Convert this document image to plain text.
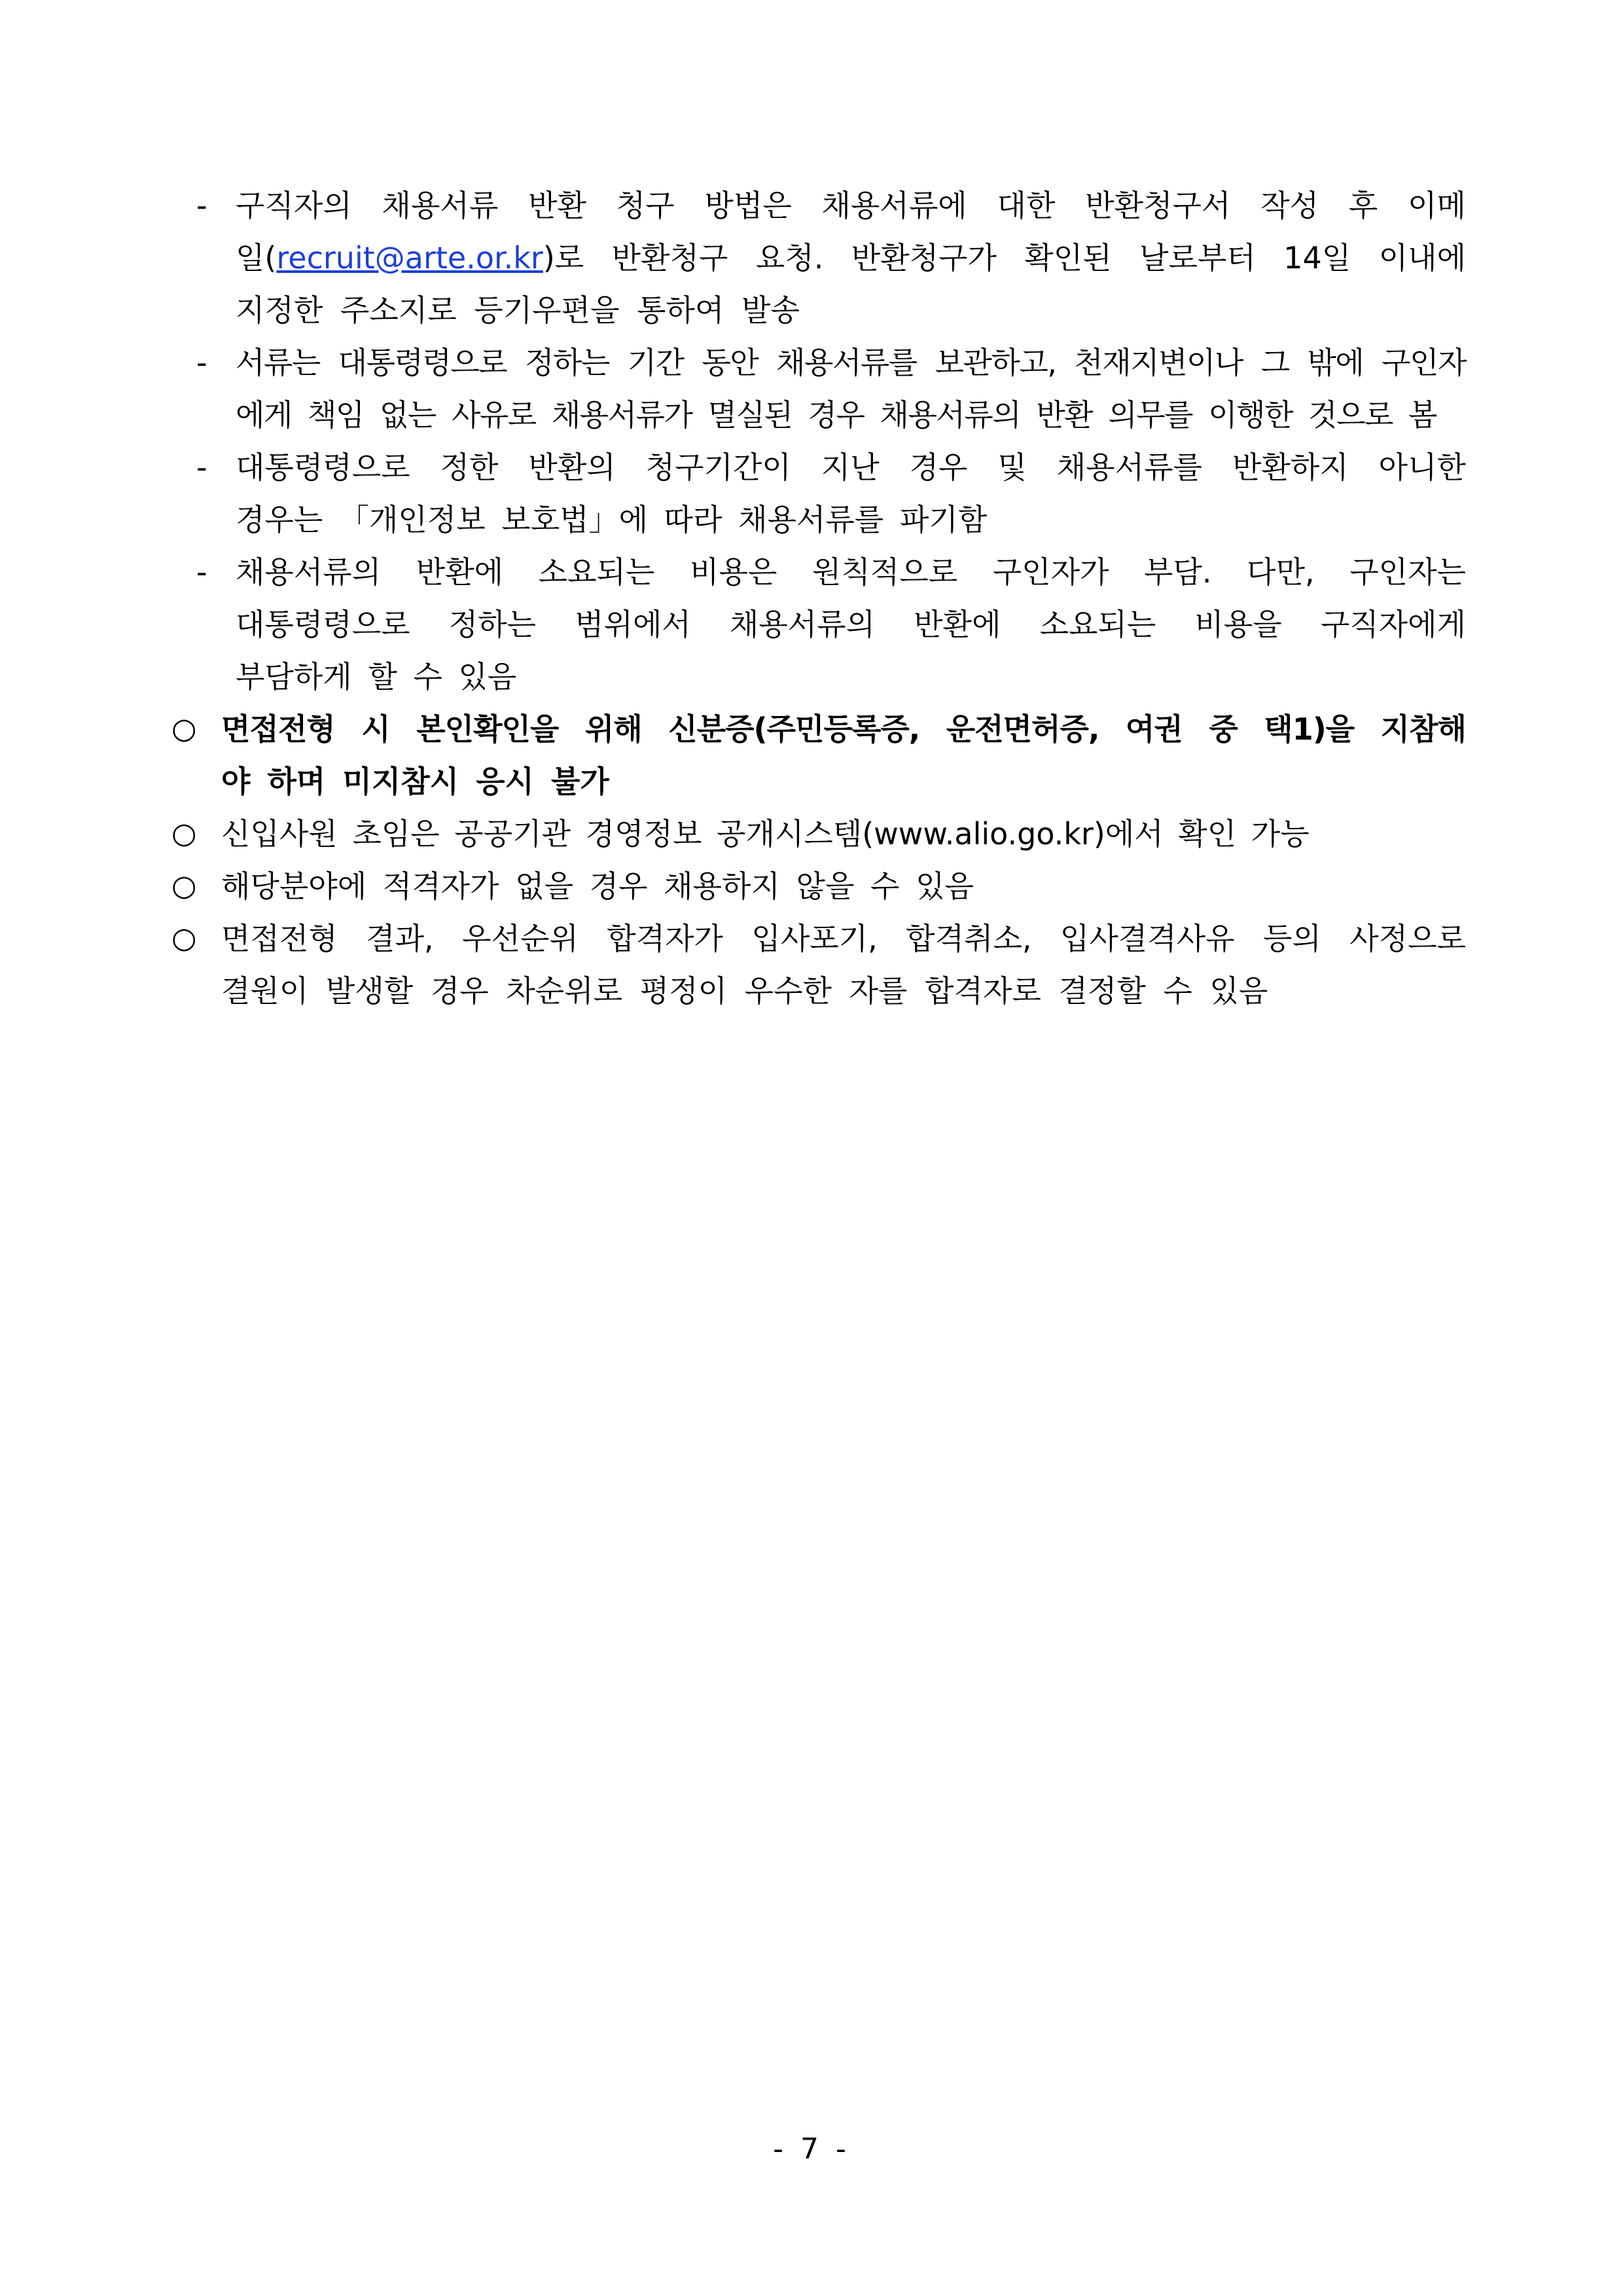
- 구직자의 채용서류 반환 청구 방법은 채용서류에 대한 반환청구서 작성 후 이메
일(recruit@arte.or.kr)로 반환청구 요청. 반환청구가 확인된 날로부터 14일 이내에
지정한 주소지로 등기우편을 통하여 발송
- 서류는 대통령령으로 정하는 기간 동안 채용서류를 보관하고, 천재지변이나 그 밖에 구인자
에게 책임 없는 사유로 채용서류가 멸실된 경우 채용서류의 반환 의무를 이행한 것으로 봄
- 대통령령으로 정한 반환의 청구기간이 지난 경우 및 채용서류를 반환하지 아니한
경우는 「개인정보 보호법」에 따라 채용서류를 파기함
- 채용서류의 반환에 소요되는 비용은 원칙적으로 구인자가 부담. 다만, 구인자는
대통령령으로 정하는 범위에서 채용서류의 반환에 소요되는 비용을 구직자에게
부담하게 할 수 있음
○ 면접전형 시 본인확인을 위해 신분증(주민등록증, 운전면허증, 여권 중 택1)을 지참해
야 하며 미지참시 응시 불가
○ 신입사원 초임은 공공기관 경영정보 공개시스템(www.alio.go.kr)에서 확인 가능
○ 해당분야에 적격자가 없을 경우 채용하지 않을 수 있음
○ 면접전형 결과, 우선순위 합격자가 입사포기, 합격취소, 입사결격사유 등의 사정으로
결원이 발생할 경우 차순위로 평정이 우수한 자를 합격자로 결정할 수 있음
- 7 -
